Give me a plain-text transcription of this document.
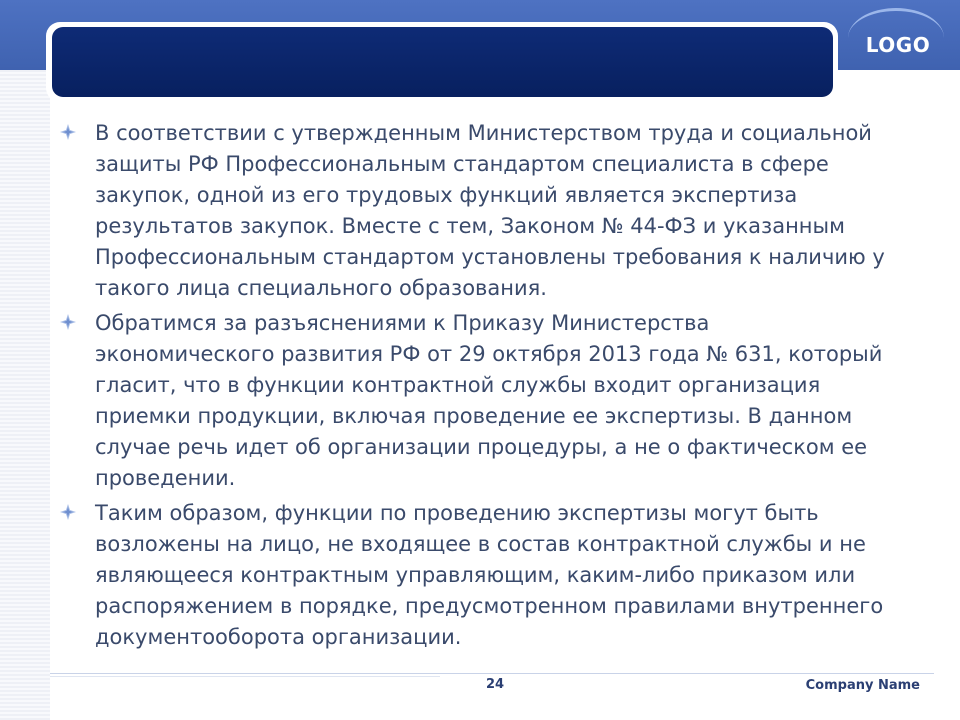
LOGO
В соответствии с утвержденным Министерством труда и социальной защиты РФ Профессиональным стандартом специалиста в сфере закупок, одной из его трудовых функций является экспертиза результатов закупок. Вместе с тем, Законом № 44-ФЗ и указанным Профессиональным стандартом установлены требования к наличию у такого лица специального образования.
Обратимся за разъяснениями к Приказу Министерства экономического развития РФ от 29 октября 2013 года № 631, который гласит, что в функции контрактной службы входит организация приемки продукции, включая проведение ее экспертизы. В данном случае речь идет об организации процедуры, а не о фактическом ее проведении.
Таким образом, функции по проведению экспертизы могут быть возложены на лицо, не входящее в состав контрактной службы и не являющееся контрактным управляющим, каким-либо приказом или распоряжением в порядке, предусмотренном правилами внутреннего документооборота организации.
24	Company Name
